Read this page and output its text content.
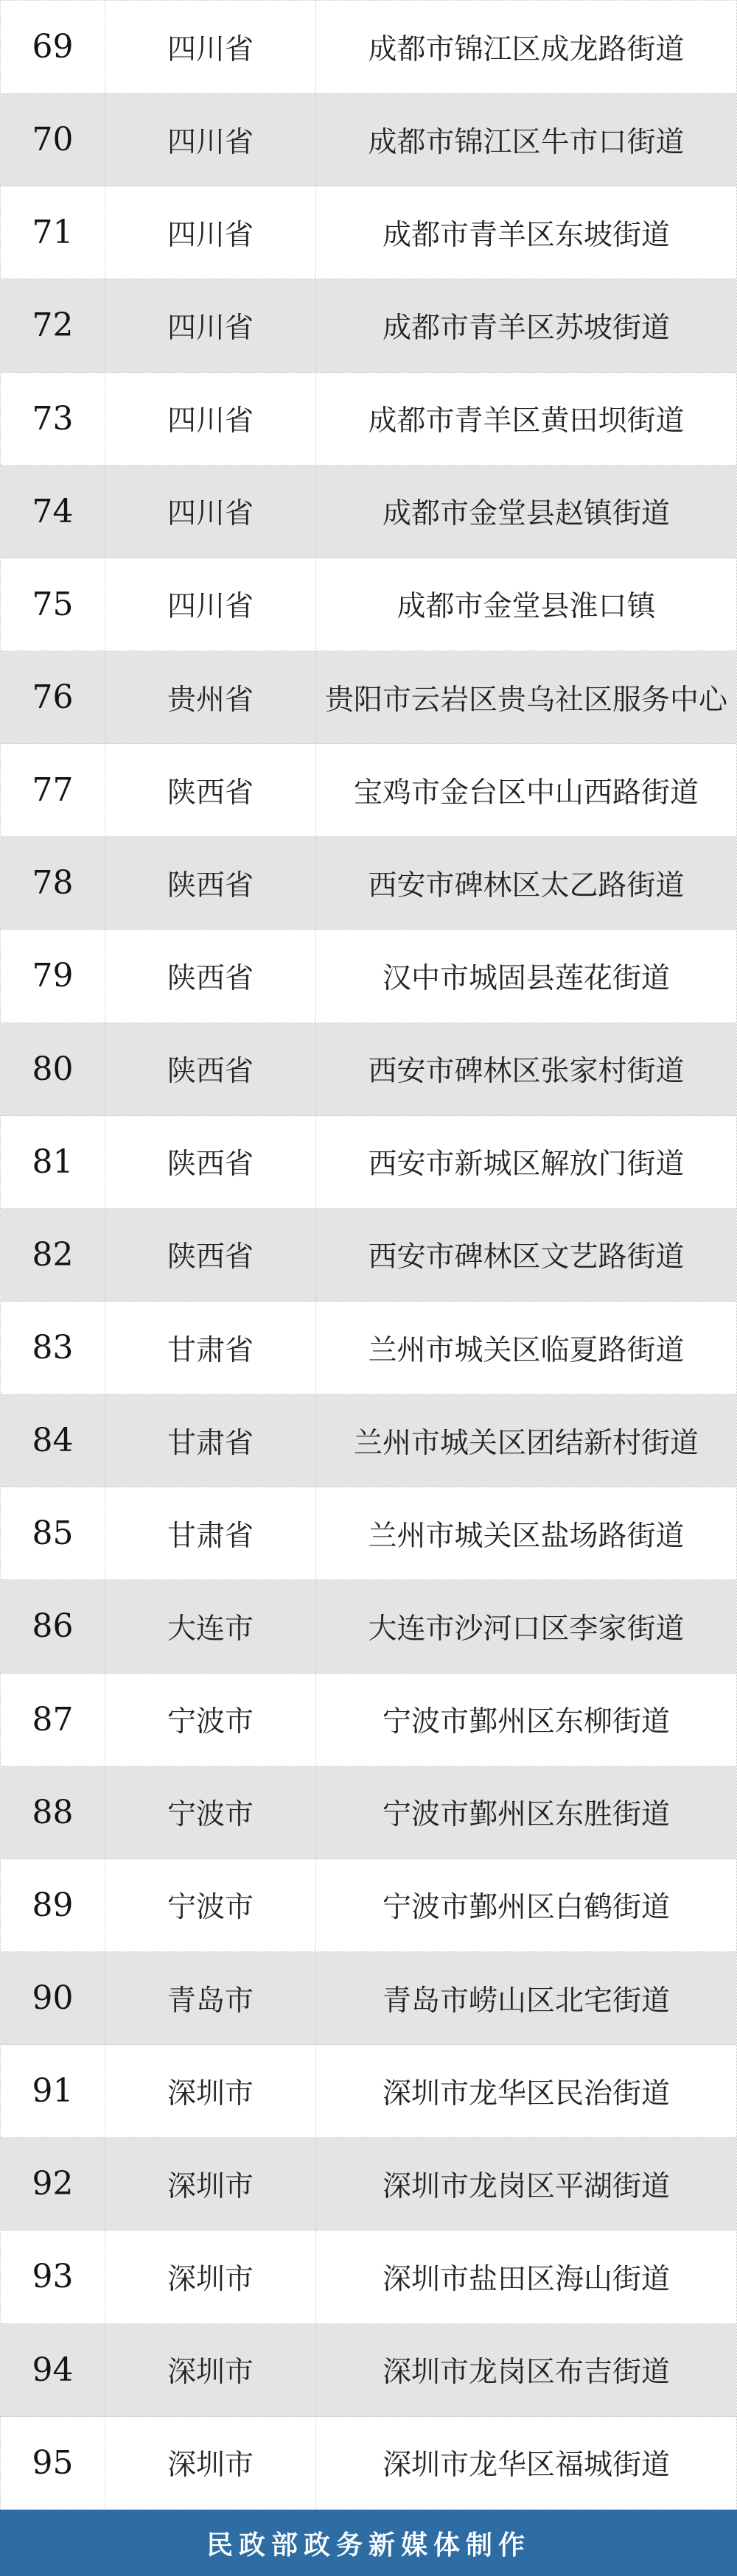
69	四川省	成都市锦江区成龙路街道
70	四川省	成都市锦江区牛市口街道
71	四川省	成都市青羊区东坡街道
72	四川省	成都市青羊区苏坡街道
73	四川省	成都市青羊区黄田坝街道
74	四川省	成都市金堂县赵镇街道
75	四川省	成都市金堂县淮口镇
76	贵州省	贵阳市云岩区贵乌社区服务中心
77	陕西省	宝鸡市金台区中山西路街道
78	陕西省	西安市碑林区太乙路街道
79	陕西省	汉中市城固县莲花街道
80	陕西省	西安市碑林区张家村街道
81	陕西省	西安市新城区解放门街道
82	陕西省	西安市碑林区文艺路街道
83	甘肃省	兰州市城关区临夏路街道
84	甘肃省	兰州市城关区团结新村街道
85	甘肃省	兰州市城关区盐场路街道
86	大连市	大连市沙河口区李家街道
87	宁波市	宁波市鄞州区东柳街道
88	宁波市	宁波市鄞州区东胜街道
89	宁波市	宁波市鄞州区白鹤街道
90	青岛市	青岛市崂山区北宅街道
91	深圳市	深圳市龙华区民治街道
92	深圳市	深圳市龙岗区平湖街道
93	深圳市	深圳市盐田区海山街道
94	深圳市	深圳市龙岗区布吉街道
95	深圳市	深圳市龙华区福城街道
民政部政务新媒体制作
